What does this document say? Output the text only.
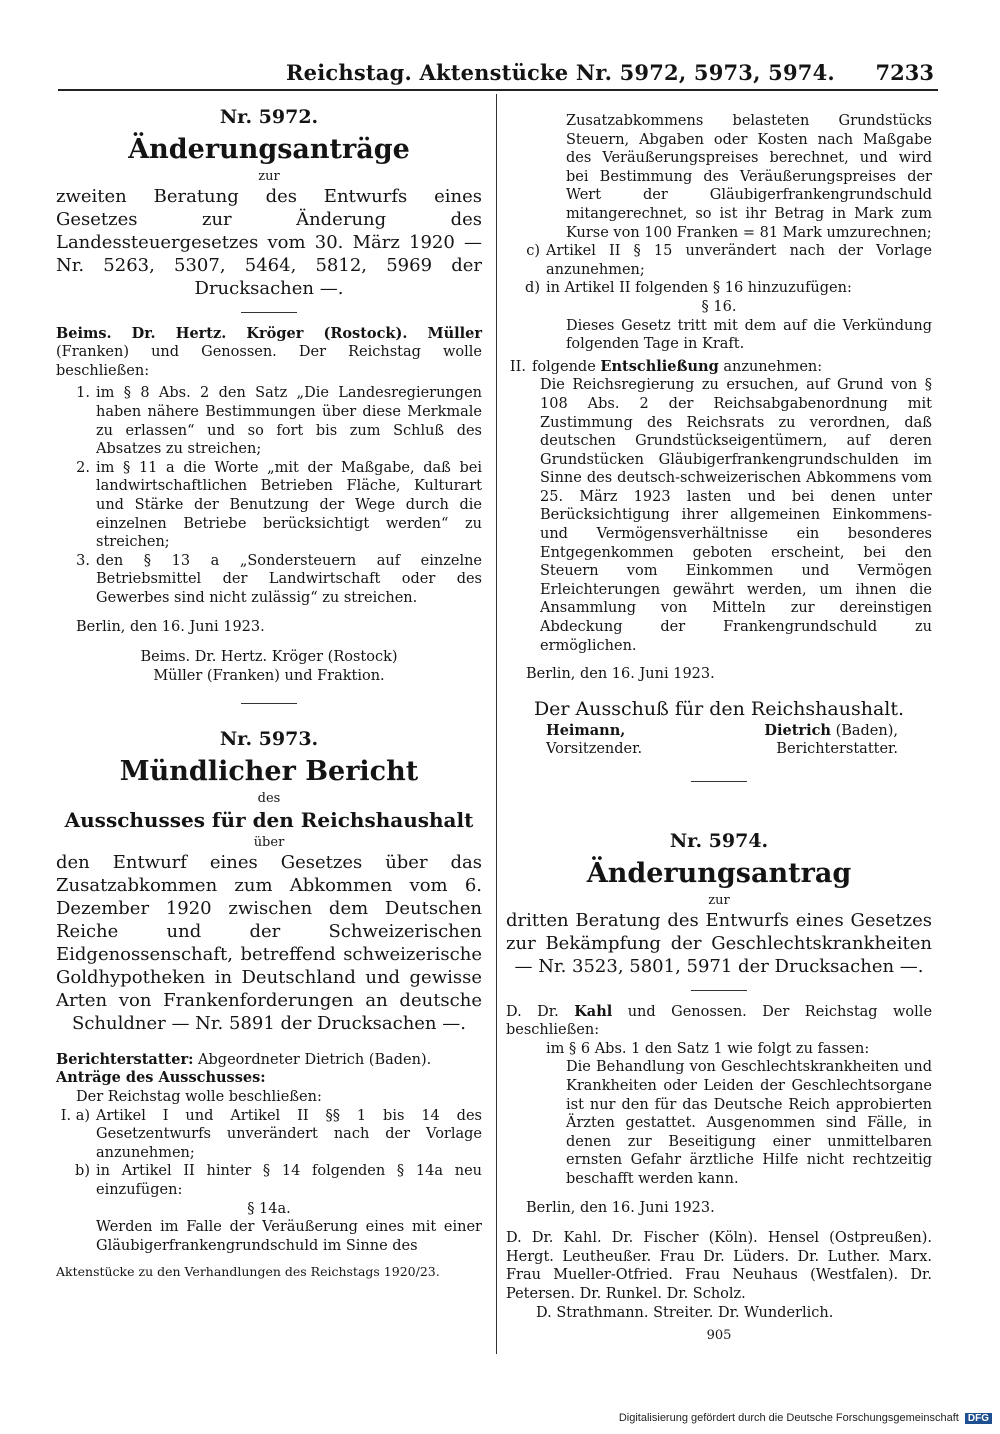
Reichstag. Aktenstücke Nr. 5972, 5973, 5974. 7233

Nr. 5972.

Änderungsanträge

zur

zweiten Beratung des Entwurfs eines Gesetzes zur Änderung des Landessteuergesetzes vom 30. März 1920 — Nr. 5263, 5307, 5464, 5812, 5969 der Drucksachen —.

Beims. Dr. Hertz. Kröger (Rostock). Müller (Franken) und Genossen. Der Reichstag wolle beschließen:

1. im § 8 Abs. 2 den Satz „Die Landesregierungen haben nähere Bestimmungen über diese Merkmale zu erlassen“ und so fort bis zum Schluß des Absatzes zu streichen;
2. im § 11 a die Worte „mit der Maßgabe, daß bei landwirtschaftlichen Betrieben Fläche, Kulturart und Stärke der Benutzung der Wege durch die einzelnen Betriebe berücksichtigt werden“ zu streichen;
3. den § 13 a „Sondersteuern auf einzelne Betriebsmittel der Landwirtschaft oder des Gewerbes sind nicht zulässig“ zu streichen.

Berlin, den 16. Juni 1923.

Beims. Dr. Hertz. Kröger (Rostock)

Müller (Franken) und Fraktion.

Nr. 5973.

Mündlicher Bericht

des

Ausschusses für den Reichshaushalt

über

den Entwurf eines Gesetzes über das Zusatzabkommen zum Abkommen vom 6. Dezember 1920 zwischen dem Deutschen Reiche und der Schweizerischen Eidgenossenschaft, betreffend schweizerische Goldhypotheken in Deutschland und gewisse Arten von Frankenforderungen an deutsche Schuldner — Nr. 5891 der Drucksachen —.

Berichterstatter: Abgeordneter Dietrich (Baden).

Anträge des Ausschusses:

Der Reichstag wolle beschließen:

I. a) Artikel I und Artikel II §§ 1 bis 14 des Gesetzentwurfs unverändert nach der Vorlage anzunehmen;
b) in Artikel II hinter § 14 folgenden § 14a neu einzufügen:

§ 14a.

Werden im Falle der Veräußerung eines mit einer Gläubigerfrankengrundschuld im Sinne des

Aktenstücke zu den Verhandlungen des Reichstags 1920/23.

Zusatzabkommens belasteten Grundstücks Steuern, Abgaben oder Kosten nach Maßgabe des Veräußerungspreises berechnet, und wird bei Bestimmung des Veräußerungspreises der Wert der Gläubigerfrankengrundschuld mitangerechnet, so ist ihr Betrag in Mark zum Kurse von 100 Franken = 81 Mark umzurechnen;

c) Artikel II § 15 unverändert nach der Vorlage anzunehmen;
d) in Artikel II folgenden § 16 hinzuzufügen:

§ 16.

Dieses Gesetz tritt mit dem auf die Verkündung folgenden Tage in Kraft.

II. folgende Entschließung anzunehmen:

Die Reichsregierung zu ersuchen, auf Grund von § 108 Abs. 2 der Reichsabgabenordnung mit Zustimmung des Reichsrats zu verordnen, daß deutschen Grundstückseigentümern, auf deren Grundstücken Gläubigerfrankengrundschulden im Sinne des deutsch-schweizerischen Abkommens vom 25. März 1923 lasten und bei denen unter Berücksichtigung ihrer allgemeinen Einkommens- und Vermögensverhältnisse ein besonderes Entgegenkommen geboten erscheint, bei den Steuern vom Einkommen und Vermögen Erleichterungen gewährt werden, um ihnen die Ansammlung von Mitteln zur dereinstigen Abdeckung der Frankengrundschuld zu ermöglichen.

Berlin, den 16. Juni 1923.

Der Ausschuß für den Reichshaushalt.

Heimann,	Dietrich (Baden),
Vorsitzender.	Berichterstatter.

Nr. 5974.

Änderungsantrag

zur

dritten Beratung des Entwurfs eines Gesetzes zur Bekämpfung der Geschlechtskrankheiten — Nr. 3523, 5801, 5971 der Drucksachen —.

D. Dr. Kahl und Genossen. Der Reichstag wolle beschließen:

im § 6 Abs. 1 den Satz 1 wie folgt zu fassen:

Die Behandlung von Geschlechtskrankheiten und Krankheiten oder Leiden der Geschlechtsorgane ist nur den für das Deutsche Reich approbierten Ärzten gestattet. Ausgenommen sind Fälle, in denen zur Beseitigung einer unmittelbaren ernsten Gefahr ärztliche Hilfe nicht rechtzeitig beschafft werden kann.

Berlin, den 16. Juni 1923.

D. Dr. Kahl. Dr. Fischer (Köln). Hensel (Ostpreußen). Hergt. Leutheußer. Frau Dr. Lüders. Dr. Luther. Marx. Frau Mueller-Otfried. Frau Neuhaus (Westfalen). Dr. Petersen. Dr. Runkel. Dr. Scholz.

D. Strathmann. Streiter. Dr. Wunderlich.

905

Digitalisierung gefördert durch die Deutsche Forschungsgemeinschaft DFG
